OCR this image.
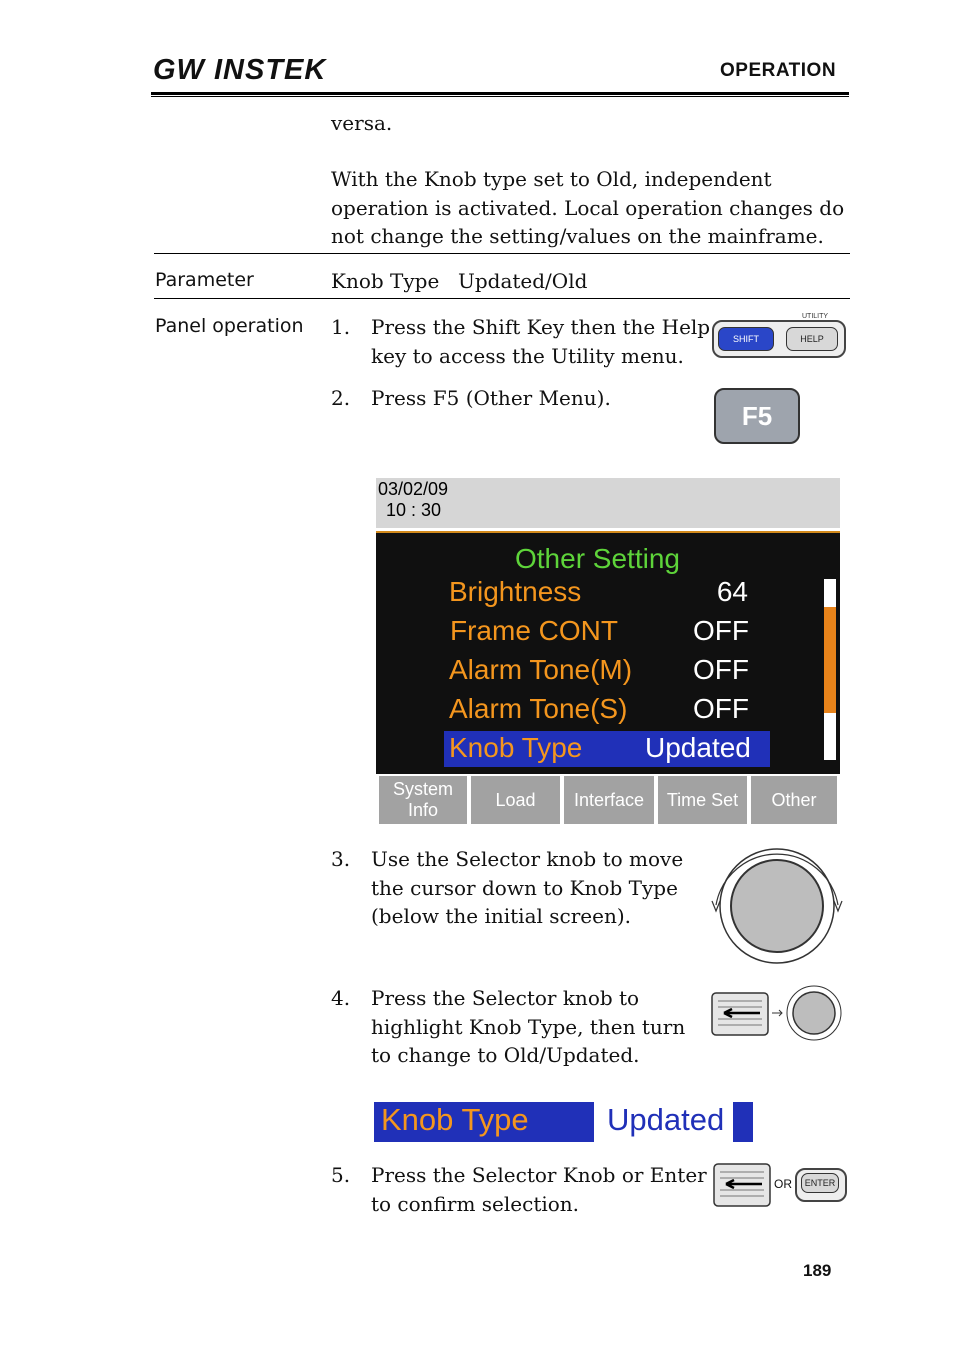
GW INSTEK	OPERATION
versa.
With the Knob type set to Old, independent
operation is activated. Local operation changes do
not change the setting/values on the mainframe.
Parameter	Knob Type Updated/Old
Panel operation 1. Press the Shift Key then the Help
key to access the Utility menu.
UTILITY
SHIFT	HELP
2. Press F5 (Other Menu).
F5
03/02/09
10 : 30
Other Setting
Brightness	64
Frame CONT	OFF
Alarm Tone(M) OFF
Alarm Tone(S) OFF
Knob Type Updated
System
Info
Load	Interface	Time Set	Other
3. Use the Selector knob to move
the cursor down to Knob Type
(below the initial screen).
4. Press the Selector knob to
highlight Knob Type, then turn
to change to Old/Updated.
Knob Type	Updated
5. Press the Selector Knob or Enter
to confirm selection.
OR	ENTER
189
